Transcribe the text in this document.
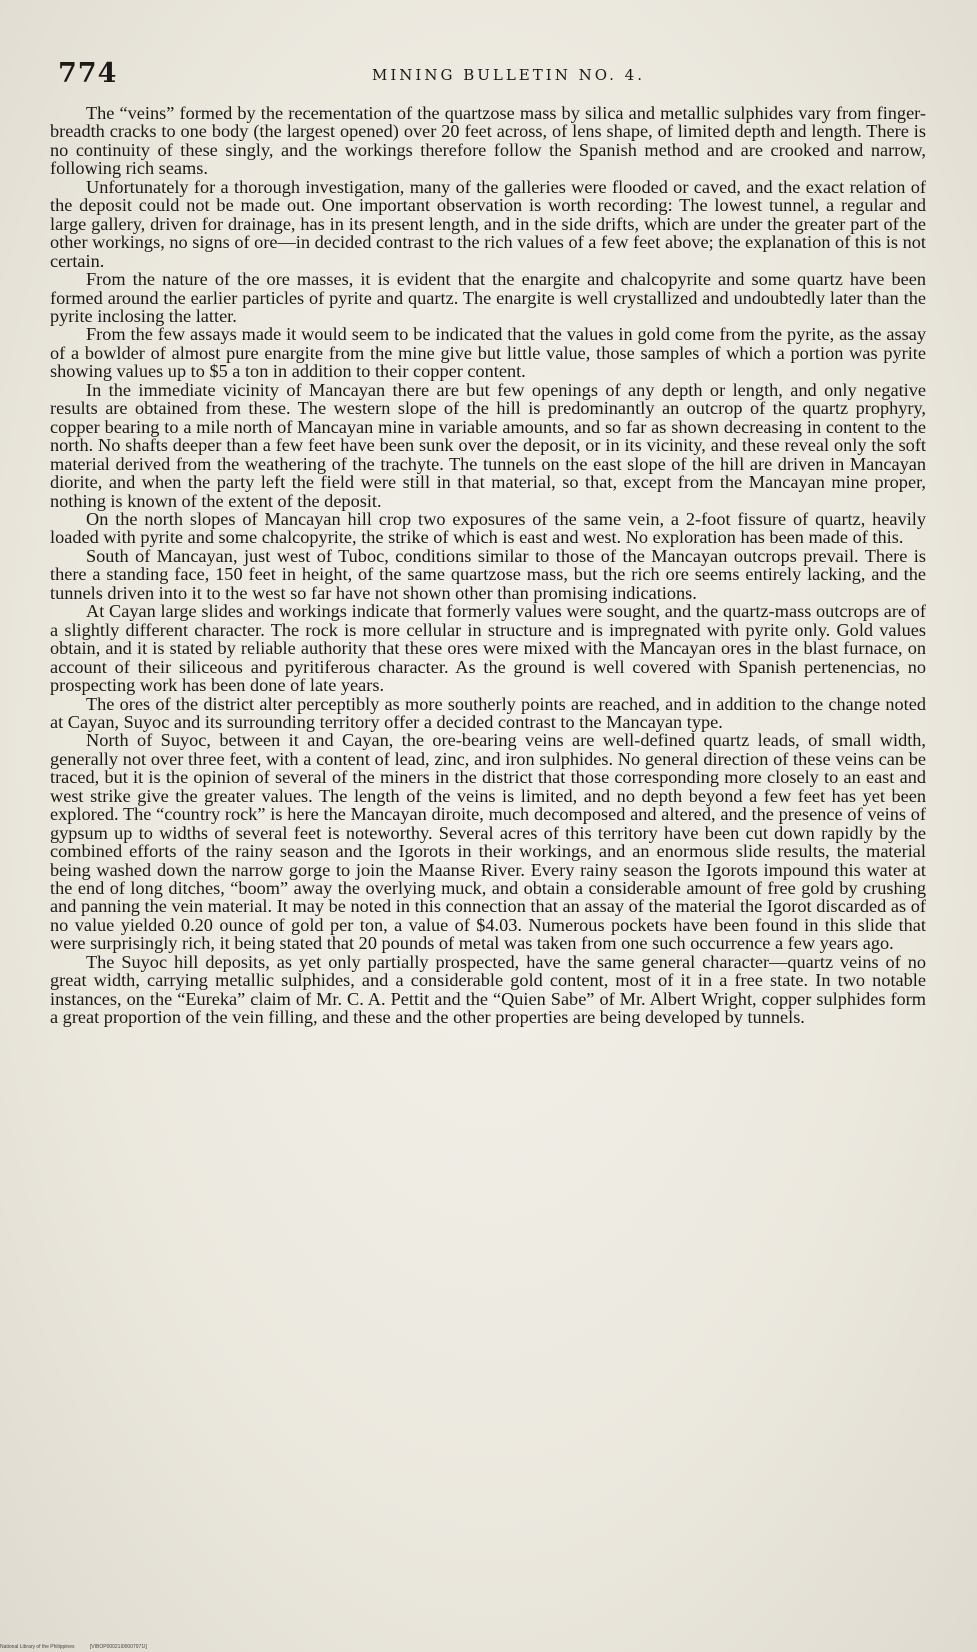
774	MINING BULLETIN NO. 4.

The “veins” formed by the recementation of the quartzose mass by silica and metallic sulphides vary from finger-breadth cracks to one body (the largest opened) over 20 feet across, of lens shape, of limited depth and length. There is no continuity of these singly, and the workings therefore follow the Spanish method and are crooked and narrow, following rich seams.

Unfortunately for a thorough investigation, many of the galleries were flooded or caved, and the exact relation of the deposit could not be made out. One important observation is worth recording: The lowest tunnel, a regular and large gallery, driven for drainage, has in its present length, and in the side drifts, which are under the greater part of the other workings, no signs of ore—in decided contrast to the rich values of a few feet above; the explanation of this is not certain.

From the nature of the ore masses, it is evident that the enargite and chalcopyrite and some quartz have been formed around the earlier particles of pyrite and quartz. The enargite is well crystallized and undoubtedly later than the pyrite inclosing the latter.

From the few assays made it would seem to be indicated that the values in gold come from the pyrite, as the assay of a bowlder of almost pure enargite from the mine give but little value, those samples of which a portion was pyrite showing values up to $5 a ton in addition to their copper content.

In the immediate vicinity of Mancayan there are but few openings of any depth or length, and only negative results are obtained from these. The western slope of the hill is predominantly an outcrop of the quartz prophyry, copper bearing to a mile north of Mancayan mine in variable amounts, and so far as shown decreasing in content to the north. No shafts deeper than a few feet have been sunk over the deposit, or in its vicinity, and these reveal only the soft material derived from the weathering of the trachyte. The tunnels on the east slope of the hill are driven in Mancayan diorite, and when the party left the field were still in that material, so that, except from the Mancayan mine proper, nothing is known of the extent of the deposit.

On the north slopes of Mancayan hill crop two exposures of the same vein, a 2-foot fissure of quartz, heavily loaded with pyrite and some chalcopyrite, the strike of which is east and west. No exploration has been made of this.

South of Mancayan, just west of Tuboc, conditions similar to those of the Mancayan outcrops prevail. There is there a standing face, 150 feet in height, of the same quartzose mass, but the rich ore seems entirely lacking, and the tunnels driven into it to the west so far have not shown other than promising indications.

At Cayan large slides and workings indicate that formerly values were sought, and the quartz-mass outcrops are of a slightly different character. The rock is more cellular in structure and is impregnated with pyrite only. Gold values obtain, and it is stated by reliable authority that these ores were mixed with the Mancayan ores in the blast furnace, on account of their siliceous and pyritiferous character. As the ground is well covered with Spanish pertenencias, no prospecting work has been done of late years.

The ores of the district alter perceptibly as more southerly points are reached, and in addition to the change noted at Cayan, Suyoc and its surrounding territory offer a decided contrast to the Mancayan type.

North of Suyoc, between it and Cayan, the ore-bearing veins are well-defined quartz leads, of small width, generally not over three feet, with a content of lead, zinc, and iron sulphides. No general direction of these veins can be traced, but it is the opinion of several of the miners in the district that those corresponding more closely to an east and west strike give the greater values. The length of the veins is limited, and no depth beyond a few feet has yet been explored. The “country rock” is here the Mancayan diroite, much decomposed and altered, and the presence of veins of gypsum up to widths of several feet is noteworthy. Several acres of this territory have been cut down rapidly by the combined efforts of the rainy season and the Igorots in their workings, and an enormous slide results, the material being washed down the narrow gorge to join the Maanse River. Every rainy season the Igorots impound this water at the end of long ditches, “boom” away the overlying muck, and obtain a considerable amount of free gold by crushing and panning the vein material. It may be noted in this connection that an assay of the material the Igorot discarded as of no value yielded 0.20 ounce of gold per ton, a value of $4.03. Numerous pockets have been found in this slide that were surprisingly rich, it being stated that 20 pounds of metal was taken from one such occurrence a few years ago.

The Suyoc hill deposits, as yet only partially prospected, have the same general character—quartz veins of no great width, carrying metallic sulphides, and a considerable gold content, most of it in a free state. In two notable instances, on the “Eureka” claim of Mr. C. A. Pettit and the “Quien Sabe” of Mr. Albert Wright, copper sulphides form a great proportion of the vein filling, and these and the other properties are being developed by tunnels.

National Library of the Philippines	[VIBOP00021I00007971I]
